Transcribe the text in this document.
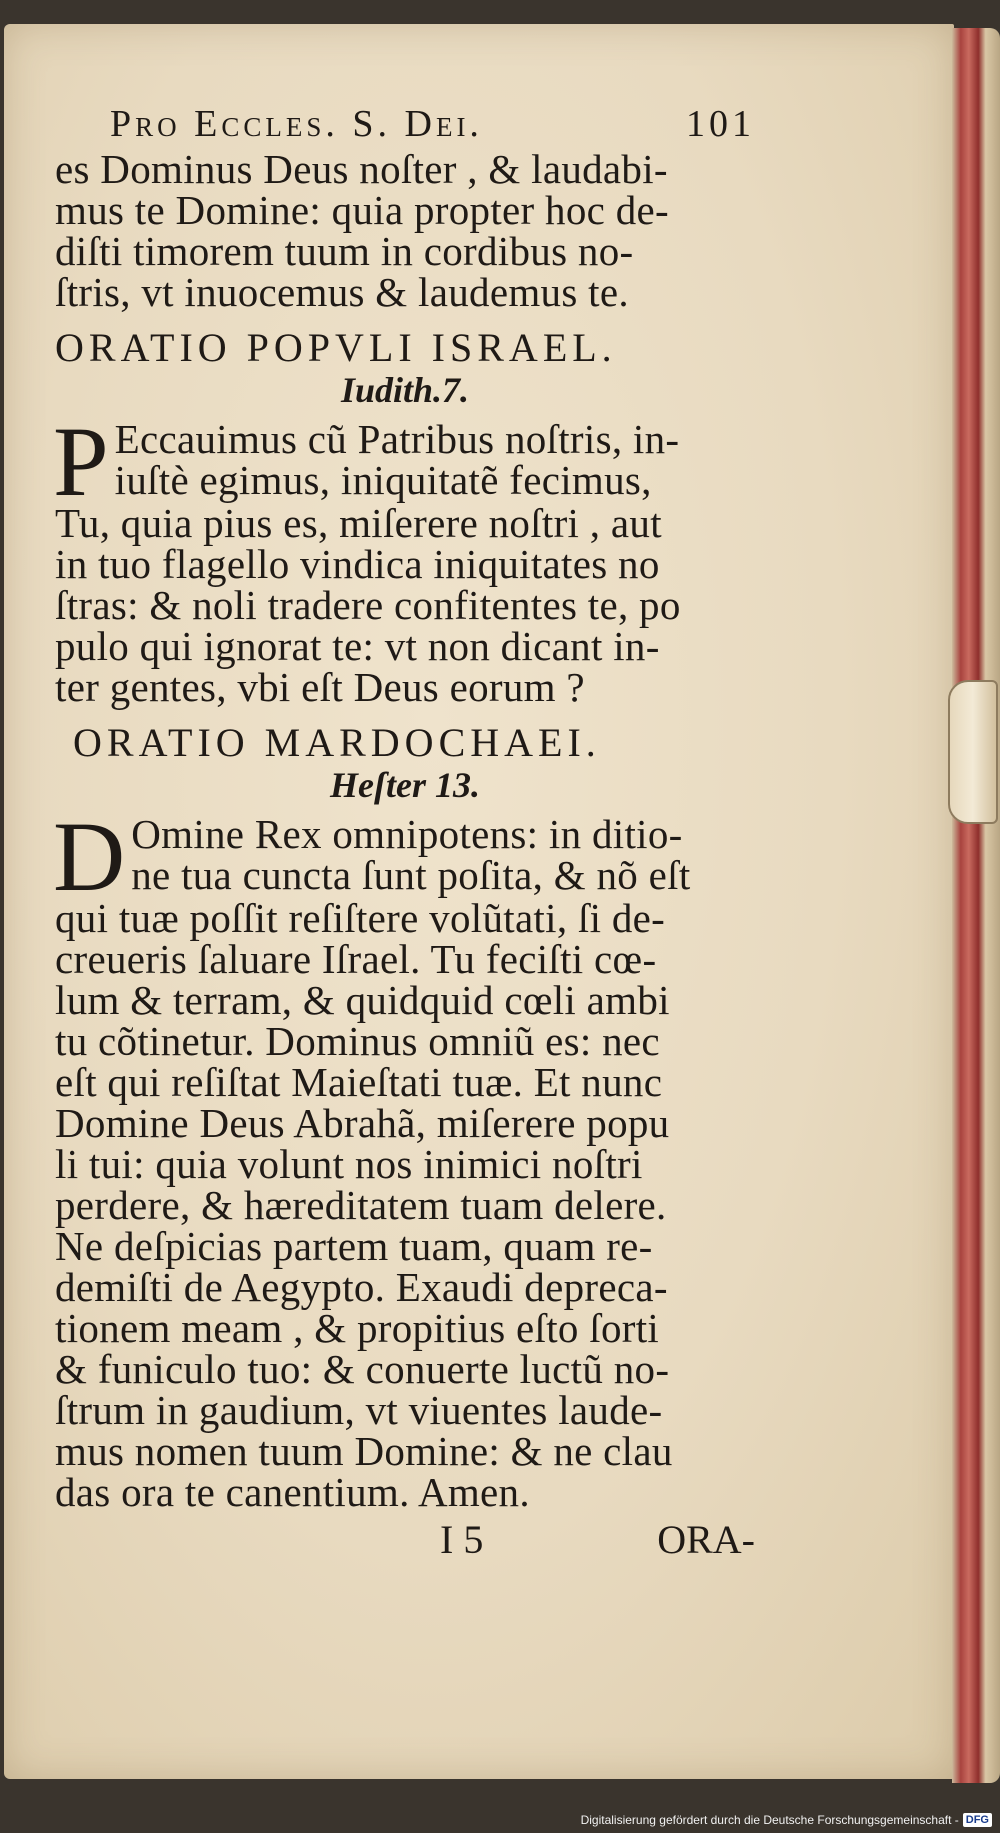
Pro Eccles. S. Dei.	101
es Dominus Deus noſter , & laudabi-
mus te Domine: quia propter hoc de-
diſti timorem tuum in cordibus no-
ſtris, vt inuocemus & laudemus te.
ORATIO POPVLI ISRAEL.
Iudith.7.
P Eccauimus cũ Patribus noſtris, in-
iuſtè egimus, iniquitatẽ fecimus,
Tu, quia pius es, miſerere noſtri , aut
in tuo flagello vindica iniquitates no
ſtras: & noli tradere confitentes te, po
pulo qui ignorat te: vt non dicant in-
ter gentes, vbi eſt Deus eorum ?
ORATIO MARDOCHAEI.
Heſter 13.
D Omine Rex omnipotens: in ditio-
ne tua cuncta ſunt poſita, & nõ eſt
qui tuæ poſſit reſiſtere volũtati, ſi de-
creueris ſaluare Iſrael. Tu feciſti cœ-
lum & terram, & quidquid cœli ambi
tu cõtinetur. Dominus omniũ es: nec
eſt qui reſiſtat Maieſtati tuæ. Et nunc
Domine Deus Abrahã, miſerere popu
li tui: quia volunt nos inimici noſtri
perdere, & hæreditatem tuam delere.
Ne deſpicias partem tuam, quam re-
demiſti de Aegypto. Exaudi depreca-
tionem meam , & propitius eſto ſorti
& funiculo tuo: & conuerte luctũ no-
ſtrum in gaudium, vt viuentes laude-
mus nomen tuum Domine: & ne clau
das ora te canentium. Amen.
I 5	ORA-
Digitalisierung gefördert durch die Deutsche Forschungsgemeinschaft - DFG
